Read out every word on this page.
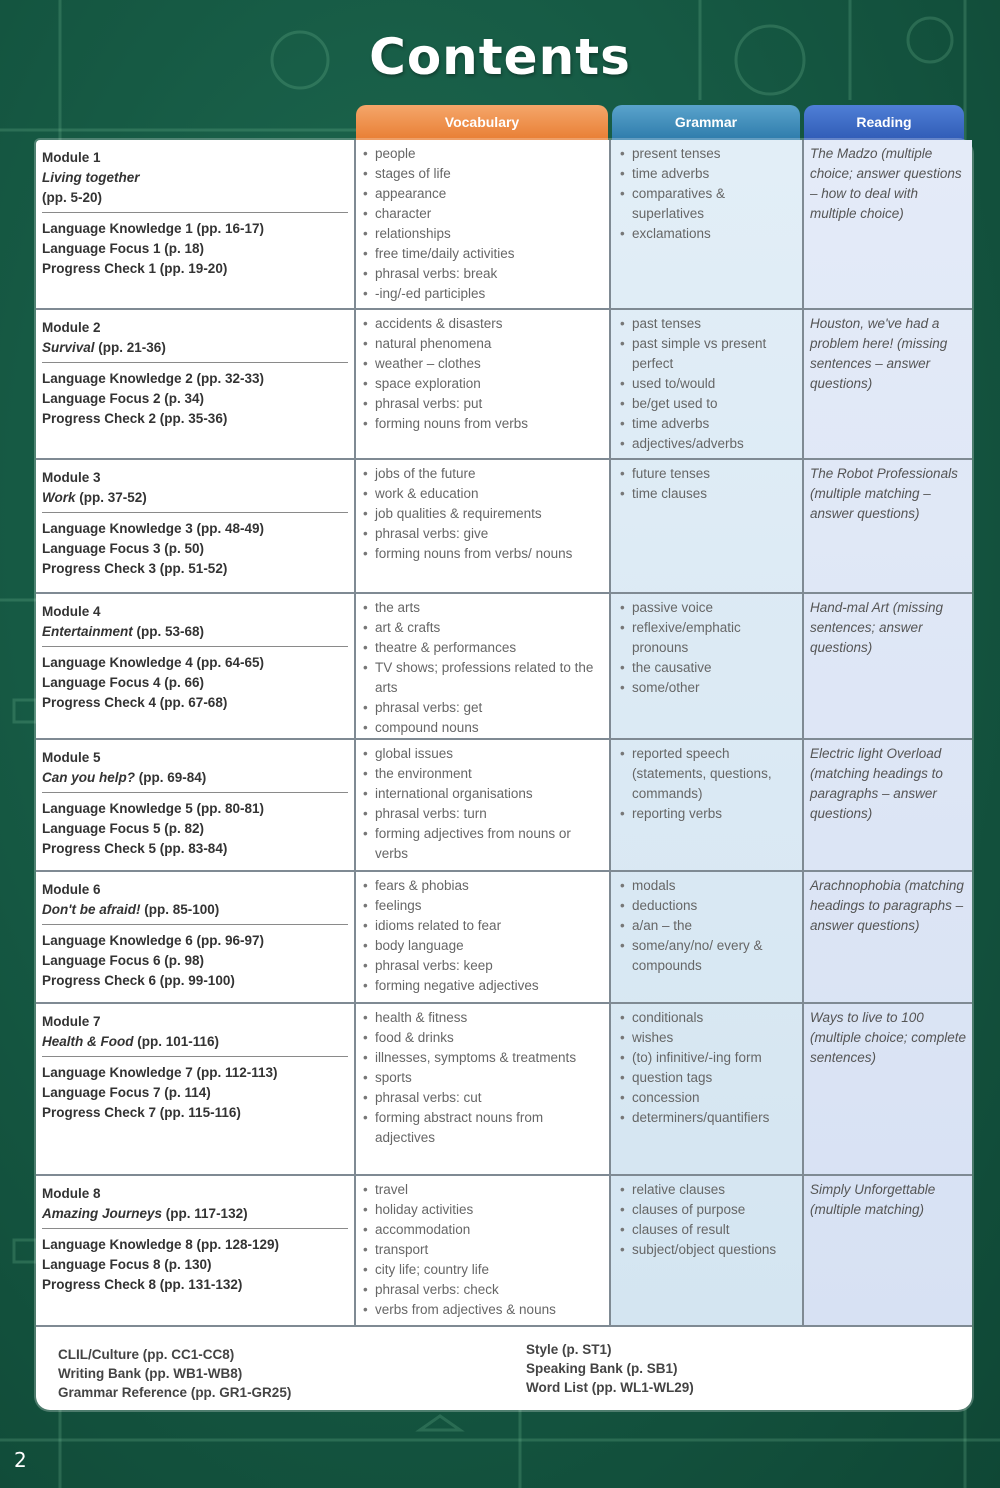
Contents
Vocabulary	Grammar	Reading
Module 1
Living together
(pp. 5-20)
Language Knowledge 1 (pp. 16-17)
Language Focus 1 (p. 18)
Progress Check 1 (pp. 19-20)
• people
• stages of life
• appearance
• character
• relationships
• free time/daily activities
• phrasal verbs: break
• -ing/-ed participles
• present tenses
• time adverbs
• comparatives & superlatives
• exclamations
The Madzo (multiple choice; answer questions – how to deal with multiple choice)
Module 2
Survival (pp. 21-36)
Language Knowledge 2 (pp. 32-33)
Language Focus 2 (p. 34)
Progress Check 2 (pp. 35-36)
• accidents & disasters
• natural phenomena
• weather – clothes
• space exploration
• phrasal verbs: put
• forming nouns from verbs
• past tenses
• past simple vs present perfect
• used to/would
• be/get used to
• time adverbs
• adjectives/adverbs
Houston, we've had a problem here! (missing sentences – answer questions)
Module 3
Work (pp. 37-52)
Language Knowledge 3 (pp. 48-49)
Language Focus 3 (p. 50)
Progress Check 3 (pp. 51-52)
• jobs of the future
• work & education
• job qualities & requirements
• phrasal verbs: give
• forming nouns from verbs/ nouns
• future tenses
• time clauses
The Robot Professionals (multiple matching – answer questions)
Module 4
Entertainment (pp. 53-68)
Language Knowledge 4 (pp. 64-65)
Language Focus 4 (p. 66)
Progress Check 4 (pp. 67-68)
• the arts
• art & crafts
• theatre & performances
• TV shows; professions related to the arts
• phrasal verbs: get
• compound nouns
• passive voice
• reflexive/emphatic pronouns
• the causative
• some/other
Hand-mal Art (missing sentences; answer questions)
Module 5
Can you help? (pp. 69-84)
Language Knowledge 5 (pp. 80-81)
Language Focus 5 (p. 82)
Progress Check 5 (pp. 83-84)
• global issues
• the environment
• international organisations
• phrasal verbs: turn
• forming adjectives from nouns or verbs
• reported speech (statements, questions, commands)
• reporting verbs
Electric light Overload (matching headings to paragraphs – answer questions)
Module 6
Don't be afraid! (pp. 85-100)
Language Knowledge 6 (pp. 96-97)
Language Focus 6 (p. 98)
Progress Check 6 (pp. 99-100)
• fears & phobias
• feelings
• idioms related to fear
• body language
• phrasal verbs: keep
• forming negative adjectives
• modals
• deductions
• a/an – the
• some/any/no/ every & compounds
Arachnophobia (matching headings to paragraphs – answer questions)
Module 7
Health & Food (pp. 101-116)
Language Knowledge 7 (pp. 112-113)
Language Focus 7 (p. 114)
Progress Check 7 (pp. 115-116)
• health & fitness
• food & drinks
• illnesses, symptoms & treatments
• sports
• phrasal verbs: cut
• forming abstract nouns from adjectives
• conditionals
• wishes
• (to) infinitive/-ing form
• question tags
• concession
• determiners/quantifiers
Ways to live to 100 (multiple choice; complete sentences)
Module 8
Amazing Journeys (pp. 117-132)
Language Knowledge 8 (pp. 128-129)
Language Focus 8 (p. 130)
Progress Check 8 (pp. 131-132)
• travel
• holiday activities
• accommodation
• transport
• city life; country life
• phrasal verbs: check
• verbs from adjectives & nouns
• relative clauses
• clauses of purpose
• clauses of result
• subject/object questions
Simply Unforgettable (multiple matching)
CLIL/Culture (pp. CC1-CC8)
Writing Bank (pp. WB1-WB8)
Grammar Reference (pp. GR1-GR25)
Style (p. ST1)
Speaking Bank (p. SB1)
Word List (pp. WL1-WL29)
2
